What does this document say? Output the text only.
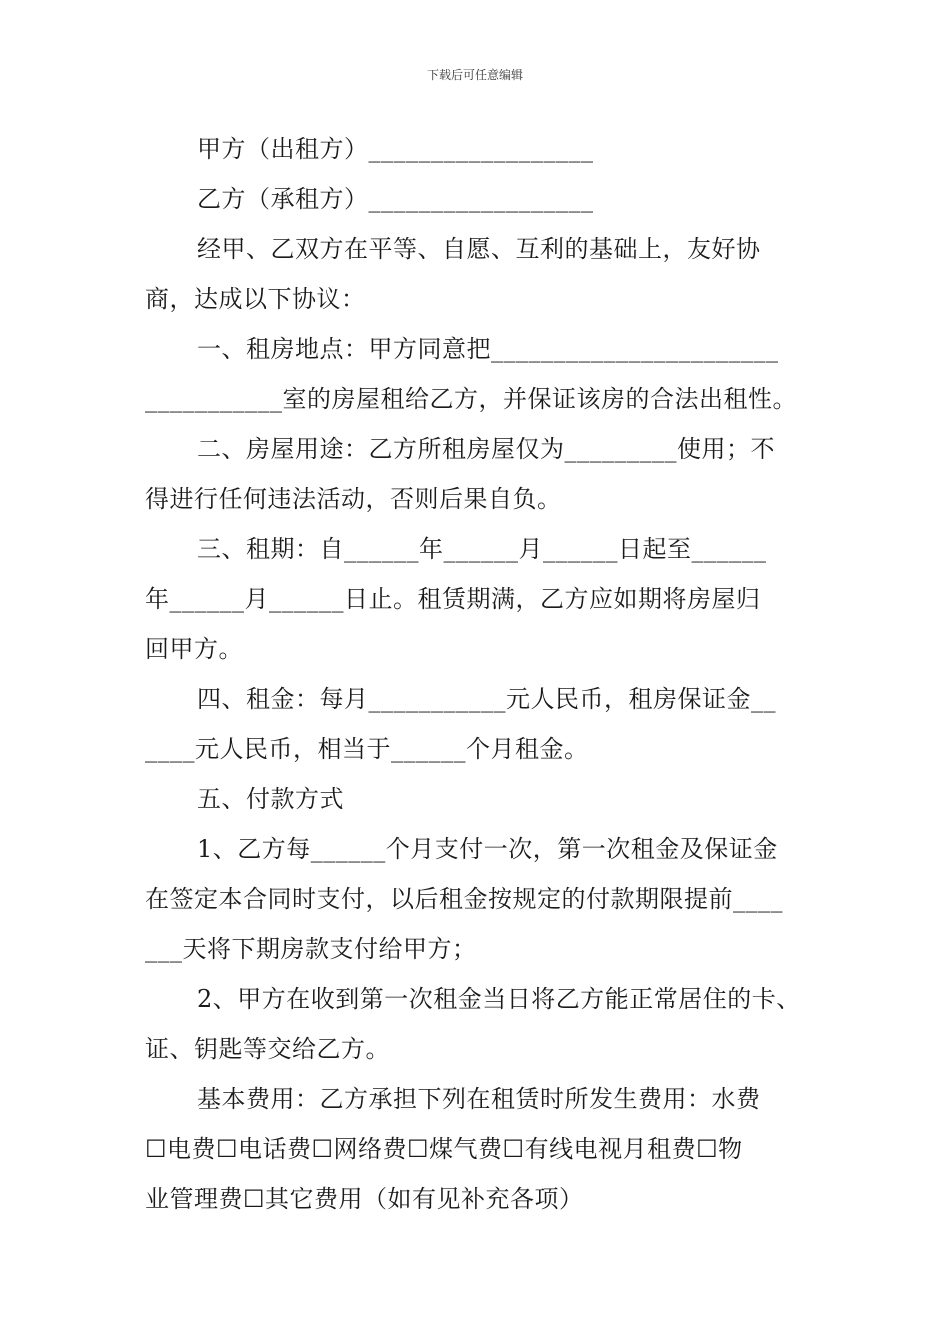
下载后可任意编辑
甲方（出租方）__________________
乙方（承租方）__________________
经甲、乙双方在平等、自愿、互利的基础上，友好协
商，达成以下协议：
一、租房地点：甲方同意把_______________________
___________室的房屋租给乙方，并保证该房的合法出租性。
二、房屋用途：乙方所租房屋仅为_________使用；不
得进行任何违法活动，否则后果自负。
三、租期：自______年______月______日起至______
年______月______日止。租赁期满，乙方应如期将房屋归
回甲方。
四、租金：每月___________元人民币，租房保证金__
____元人民币，相当于______个月租金。
五、付款方式
1、乙方每______个月支付一次，第一次租金及保证金
在签定本合同时支付，以后租金按规定的付款期限提前____
___天将下期房款支付给甲方；
2、甲方在收到第一次租金当日将乙方能正常居住的卡、
证、钥匙等交给乙方。
基本费用：乙方承担下列在租赁时所发生费用：水费
☐电费☐电话费☐网络费☐煤气费☐有线电视月租费☐物
业管理费☐其它费用（如有见补充各项）
